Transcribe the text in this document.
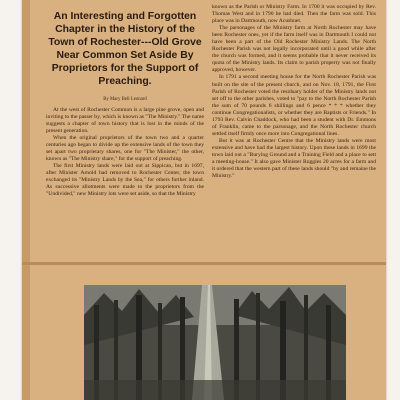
An Interesting and Forgotten Chapter in the History of the Town of Rochester---Old Grove Near Common Set Aside By Proprietors for the Support of Preaching.
By Mary Bell Leonard

At the west of Rochester Common is a large pine grove, open and inviting to the passer by, which is known as "The Ministry." The name suggests a chapter of town history that is lost in the minds of the present generation.

When the original proprietors of the town two and a quarter centuries ago began to divide up the extensive lands of the town they set apart two proprietary shares, one for "The Minister," the other, known as "The Ministry share," for the support of preaching.

The first Ministry lands were laid out at Sippican, but in 1697, after Minister Arnold had removed to Rochester Center, the town exchanged its "Ministry Lands by the Sea," for others further inland. As successive allotments were made to the proprietors from the "Undivided," new Ministry lots were set aside, so that the Ministry

known as the Parish or Ministry Farm. In 1700 it was occupied by Rev. Thomas West and in 1790 he had died. Then the farm was sold. This place was in Dartmouth, now Acushnet.

The parsonages of the Ministry farm at North Rochester may have been Rochester ones, yet if the farm itself was in Dartmouth I could not have been a part of the Old Rochester Ministry Lands. The North Rochester Parish was not legally incorporated until a good while after the church was formed, and it seems probable that it never received its quota of the Ministry lands. Its claim to parish property was not finally approved, however.

In 1791 a second meeting house for the North Rochester Parish was built on the site of the present church, and on Nov. 18, 1791, the First Parish of Rochester voted the residuary holder of the Ministry lands not set off to the other parishes, voted to "pay to the North Rochester Parish the sum of 70 pounds 6 shillings and 6 pence * * * whether they continue Congregationalists, or whether they are Baptists or Friends." In 1793 Rev. Calvin Chaddock, who had been a student with Dr. Emmons of Franklin, came to the parsonage, and the North Rochester church settled itself firmly once more into Congregational lines.

But it was at Rochester Centre that the Ministry lands were most extensive and have had the largest history. Upon these lands in 1699 the town laid out a "Burying Ground and a Training Field and a place to sett a meeting-house." It also gave Minister Ruggles 20 acres for a farm and it ordered that the western part of these lands should "by and remaine the Ministry."
